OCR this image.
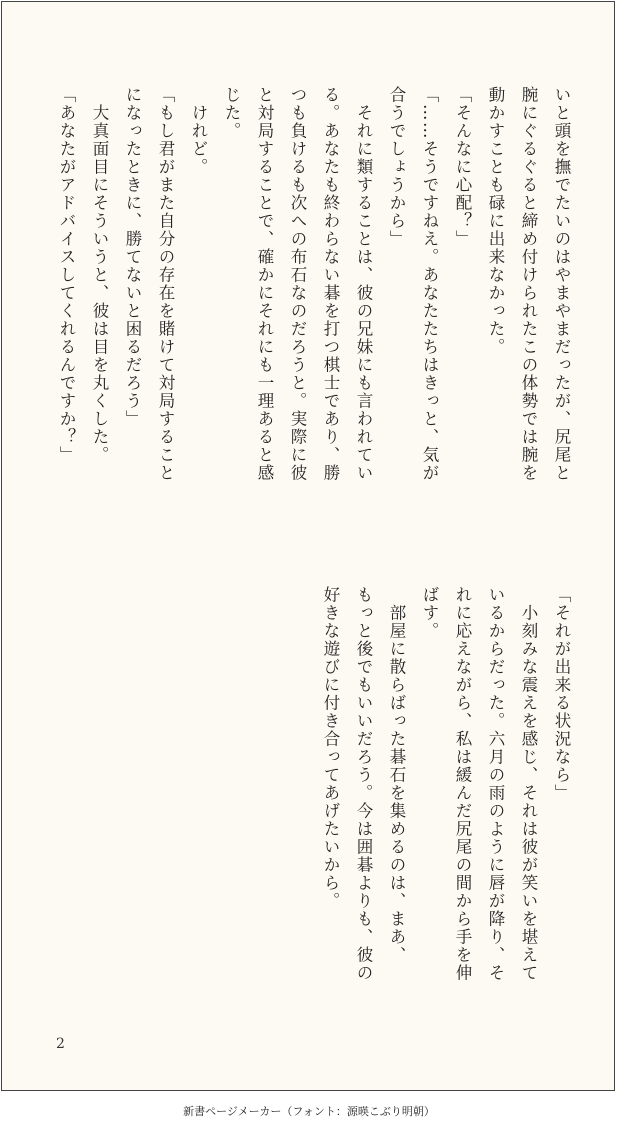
いと頭を撫でたいのはやまやまだったが、尻尾と
腕にぐるぐると締め付けられたこの体勢では腕を
動かすことも碌に出来なかった。
「そんなに心配？」
「……そうですねえ。あなたたちはきっと、気が
合うでしょうから」
　それに類することは、彼の兄妹にも言われてい
る。あなたも終わらない碁を打つ棋士であり、勝
つも負けるも次への布石なのだろうと。実際に彼
と対局することで、確かにそれにも一理あると感
じた。
　けれど。
「もし君がまた自分の存在を賭けて対局すること
になったときに、勝てないと困るだろう」
　大真面目にそういうと、彼は目を丸くした。
「あなたがアドバイスしてくれるんですか？」
「それが出来る状況なら」
　小刻みな震えを感じ、それは彼が笑いを堪えて
いるからだった。六月の雨のように唇が降り、そ
れに応えながら、私は緩んだ尻尾の間から手を伸
ばす。
　部屋に散らばった碁石を集めるのは、まあ、
もっと後でもいいだろう。今は囲碁よりも、彼の
好きな遊びに付き合ってあげたいから。
2
新書ページメーカー（フォント：源暎こぶり明朝）
